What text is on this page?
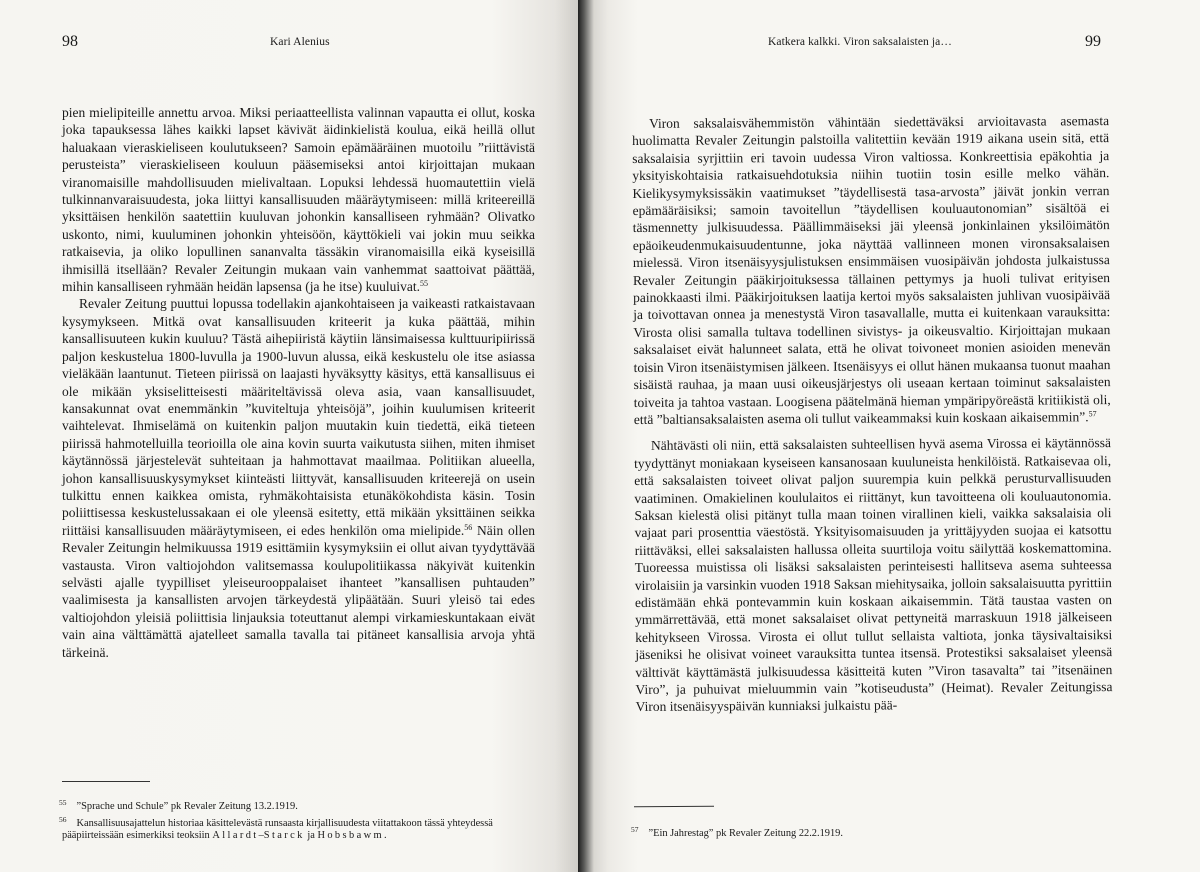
98	Kari Alenius

pien mielipiteille annettu arvoa. Miksi periaatteellista valinnan vapautta ei ollut, koska joka tapauksessa lähes kaikki lapset kävivät äidinkielistä koulua, eikä heillä ollut haluakaan vieraskieliseen koulutukseen? Samoin epämääräinen muotoilu ”riittävistä perusteista” vieraskieliseen kouluun pääsemiseksi antoi kirjoittajan mukaan viranomaisille mahdollisuuden mielivaltaan. Lopuksi lehdessä huomautettiin vielä tulkinnanvaraisuudesta, joka liittyi kansallisuuden määräytymiseen: millä kriteereillä yksittäisen henkilön saatettiin kuuluvan johonkin kansalliseen ryhmään? Olivatko uskonto, nimi, kuuluminen johonkin yhteisöön, käyttökieli vai jokin muu seikka ratkaisevia, ja oliko lopullinen sananvalta tässäkin viranomaisilla eikä kyseisillä ihmisillä itsellään? Revaler Zeitungin mukaan vain vanhemmat saattoivat päättää, mihin kansalliseen ryhmään heidän lapsensa (ja he itse) kuuluivat.$^{55}$

Revaler Zeitung puuttui lopussa todellakin ajankohtaiseen ja vaikeasti ratkaistavaan kysymykseen. Mitkä ovat kansallisuuden kriteerit ja kuka päättää, mihin kansallisuuteen kukin kuuluu? Tästä aihepiiristä käytiin länsimaisessa kulttuuripiirissä paljon keskustelua 1800-luvulla ja 1900-luvun alussa, eikä keskustelu ole itse asiassa vieläkään laantunut. Tieteen piirissä on laajasti hyväksytty käsitys, että kansallisuus ei ole mikään yksiselitteisesti määriteltävissä oleva asia, vaan kansallisuudet, kansakunnat ovat enemmänkin ”kuviteltuja yhteisöjä”, joihin kuulumisen kriteerit vaihtelevat. Ihmiselämä on kuitenkin paljon muutakin kuin tiedettä, eikä tieteen piirissä hahmotelluilla teorioilla ole aina kovin suurta vaikutusta siihen, miten ihmiset käytännössä järjestelevät suhteitaan ja hahmottavat maailmaa. Politiikan alueella, johon kansallisuuskysymykset kiinteästi liittyvät, kansallisuuden kriteerejä on usein tulkittu ennen kaikkea omista, ryhmäkohtaisista etunäkökohdista käsin. Tosin poliittisessa keskustelussakaan ei ole yleensä esitetty, että mikään yksittäinen seikka riittäisi kansallisuuden määräytymiseen, ei edes henkilön oma mielipide.$^{56}$ Näin ollen Revaler Zeitungin helmikuussa 1919 esittämiin kysymyksiin ei ollut aivan tyydyttävää vastausta. Viron valtiojohdon valitsemassa koulupolitiikassa näkyivät kuitenkin selvästi ajalle tyypilliset yleiseurooppalaiset ihanteet ”kansallisen puhtauden” vaalimisesta ja kansallisten arvojen tärkeydestä ylipäätään. Suuri yleisö tai edes valtiojohdon yleisiä poliittisia linjauksia toteuttanut alempi virkamieskuntakaan eivät vain aina välttämättä ajatelleet samalla tavalla tai pitäneet kansallisia arvoja yhtä tärkeinä.

$^{55}$ ”Sprache und Schule” pk Revaler Zeitung 13.2.1919.

$^{56}$ Kansallisuusajattelun historiaa käsittelevästä runsaasta kirjallisuudesta viitattakoon tässä yhteydessä pääpiirteissään esimerkiksi teoksiin Allardt–Starck ja Hobsbawm.

Katkera kalkki. Viron saksalaisten ja…	99

Viron saksalaisvähemmistön vähintään siedettäväksi arvioitavasta asemasta huolimatta Revaler Zeitungin palstoilla valitettiin kevään 1919 aikana usein sitä, että saksalaisia syrjittiin eri tavoin uudessa Viron valtiossa. Konkreettisia epäkohtia ja yksityiskohtaisia ratkaisuehdotuksia niihin tuotiin tosin esille melko vähän. Kielikysymyksissäkin vaatimukset ”täydellisestä tasa-arvosta” jäivät jonkin verran epämääräisiksi; samoin tavoitellun ”täydellisen kouluautonomian” sisältöä ei täsmennetty julkisuudessa. Päällimmäiseksi jäi yleensä jonkinlainen yksilöimätön epäoikeudenmukaisuudentunne, joka näyttää vallinneen monen vironsaksalaisen mielessä. Viron itsenäisyysjulistuksen ensimmäisen vuosipäivän johdosta julkaistussa Revaler Zeitungin pääkirjoituksessa tällainen pettymys ja huoli tulivat erityisen painokkaasti ilmi. Pääkirjoituksen laatija kertoi myös saksalaisten juhlivan vuosipäivää ja toivottavan onnea ja menestystä Viron tasavallalle, mutta ei kuitenkaan varauksitta: Virosta olisi samalla tultava todellinen sivistys- ja oikeusvaltio. Kirjoittajan mukaan saksalaiset eivät halunneet salata, että he olivat toivoneet monien asioiden menevän toisin Viron itsenäistymisen jälkeen. Itsenäisyys ei ollut hänen mukaansa tuonut maahan sisäistä rauhaa, ja maan uusi oikeusjärjestys oli useaan kertaan toiminut saksalaisten toiveita ja tahtoa vastaan. Loogisena päätelmänä hieman ympäripyöreästä kritiikistä oli, että ”baltiansaksalaisten asema oli tullut vaikeammaksi kuin koskaan aikaisemmin”.$^{57}$

Nähtävästi oli niin, että saksalaisten suhteellisen hyvä asema Virossa ei käytännössä tyydyttänyt moniakaan kyseiseen kansanosaan kuuluneista henkilöistä. Ratkaisevaa oli, että saksalaisten toiveet olivat paljon suurempia kuin pelkkä perusturvallisuuden vaatiminen. Omakielinen koululaitos ei riittänyt, kun tavoitteena oli kouluautonomia. Saksan kielestä olisi pitänyt tulla maan toinen virallinen kieli, vaikka saksalaisia oli vajaat pari prosenttia väestöstä. Yksityisomaisuuden ja yrittäjyyden suojaa ei katsottu riittäväksi, ellei saksalaisten hallussa olleita suurtiloja voitu säilyttää koskemattomina. Tuoreessa muistissa oli lisäksi saksalaisten perinteisesti hallitseva asema suhteessa virolaisiin ja varsinkin vuoden 1918 Saksan miehitysaika, jolloin saksalaisuutta pyrittiin edistämään ehkä pontevammin kuin koskaan aikaisemmin. Tätä taustaa vasten on ymmärrettävää, että monet saksalaiset olivat pettyneitä marraskuun 1918 jälkeiseen kehitykseen Virossa. Virosta ei ollut tullut sellaista valtiota, jonka täysivaltaisiksi jäseniksi he olisivat voineet varauksitta tuntea itsensä. Protestiksi saksalaiset yleensä välttivät käyttämästä julkisuudessa käsitteitä kuten ”Viron tasavalta” tai ”itsenäinen Viro”, ja puhuivat mieluummin vain ”kotiseudusta” (Heimat). Revaler Zeitungissa Viron itsenäisyyspäivän kunniaksi julkaistu pää-

$^{57}$ ”Ein Jahrestag” pk Revaler Zeitung 22.2.1919.
